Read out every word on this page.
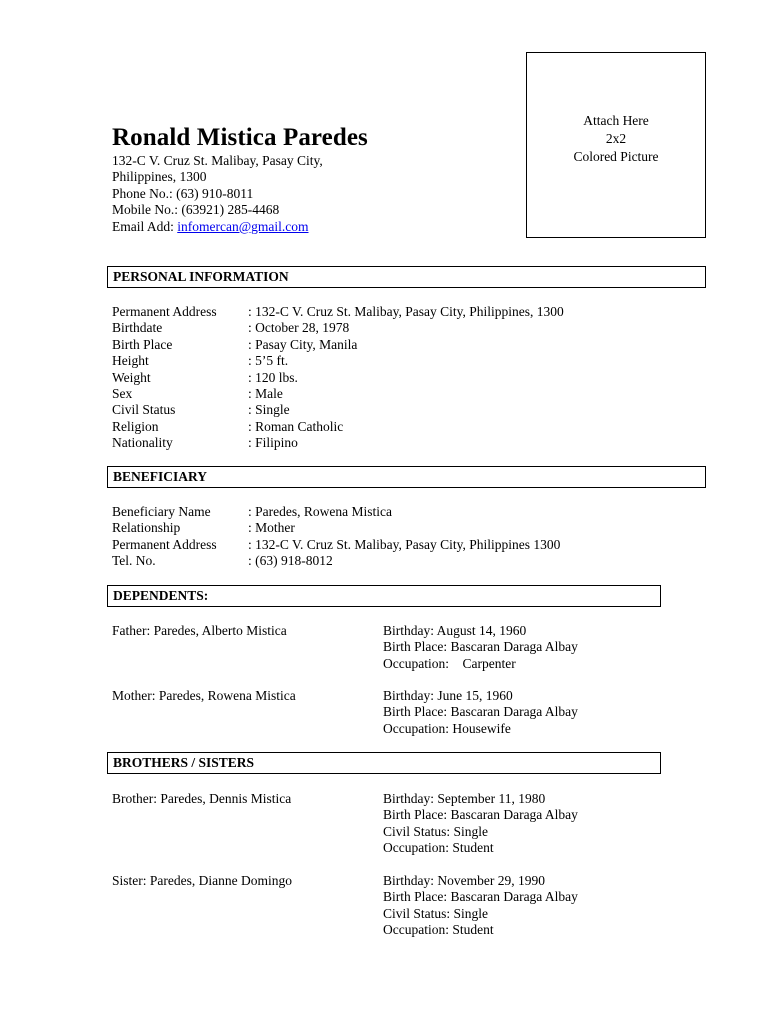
Attach Here
2x2
Colored Picture
Ronald Mistica Paredes
132-C V. Cruz St. Malibay, Pasay City,
Philippines, 1300
Phone No.: (63) 910-8011
Mobile No.: (63921) 285-4468
Email Add: infomercan@gmail.com
PERSONAL INFORMATION
Permanent Address	: 132-C V. Cruz St. Malibay, Pasay City, Philippines, 1300
Birthdate	: October 28, 1978
Birth Place	: Pasay City, Manila
Height	: 5’5 ft.
Weight	: 120 lbs.
Sex	: Male
Civil Status	: Single
Religion	: Roman Catholic
Nationality	: Filipino
BENEFICIARY
Beneficiary Name	: Paredes, Rowena Mistica
Relationship	: Mother
Permanent Address	: 132-C V. Cruz St. Malibay, Pasay City, Philippines 1300
Tel. No.	: (63) 918-8012
DEPENDENTS:
Father: Paredes, Alberto Mistica	Birthday: August 14, 1960
Birth Place: Bascaran Daraga Albay
Occupation:    Carpenter
Mother: Paredes, Rowena Mistica	Birthday: June 15, 1960
Birth Place: Bascaran Daraga Albay
Occupation: Housewife
BROTHERS / SISTERS
Brother: Paredes, Dennis Mistica	Birthday: September 11, 1980
Birth Place: Bascaran Daraga Albay
Civil Status: Single
Occupation: Student
Sister: Paredes, Dianne Domingo	Birthday: November 29, 1990
Birth Place: Bascaran Daraga Albay
Civil Status: Single
Occupation: Student
